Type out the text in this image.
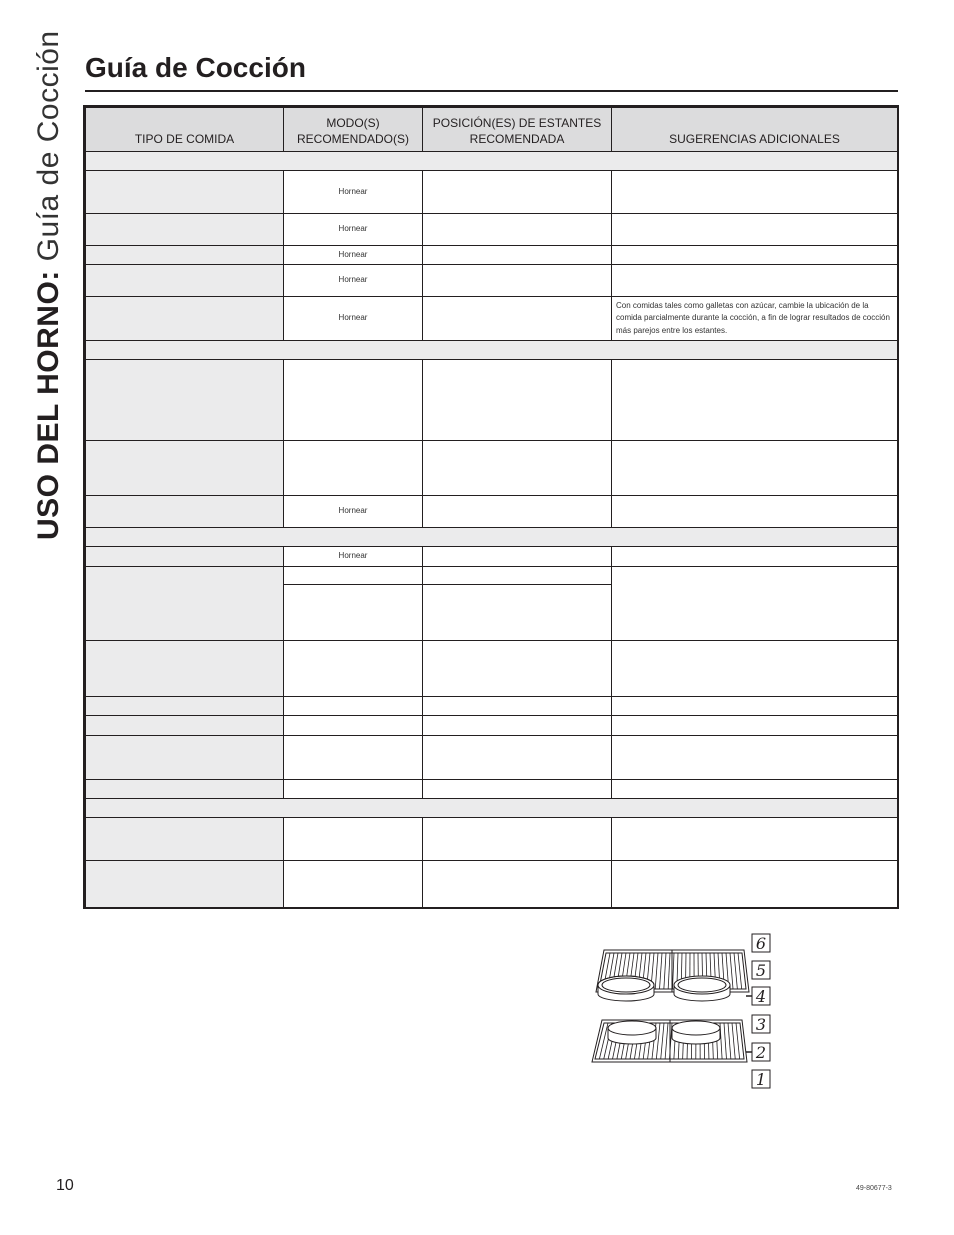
USO DEL HORNO: Guía de Cocción Guía de Cocción
TIPO DE COMIDA	MODO(S) RECOMENDADO(S)	POSICIÓN(ES) DE ESTANTES RECOMENDADA	SUGERENCIAS ADICIONALES

	Hornear		
	Hornear		
	Hornear		
	Hornear		
	Hornear		Con comidas tales como galletas con azúcar, cambie la ubicación de la comida parcialmente durante la cocción, a fin de lograr resultados de cocción más parejos entre los estantes.

	Hornear		

	Hornear		

6
5
4
3
2
1
10	49-80677-3
